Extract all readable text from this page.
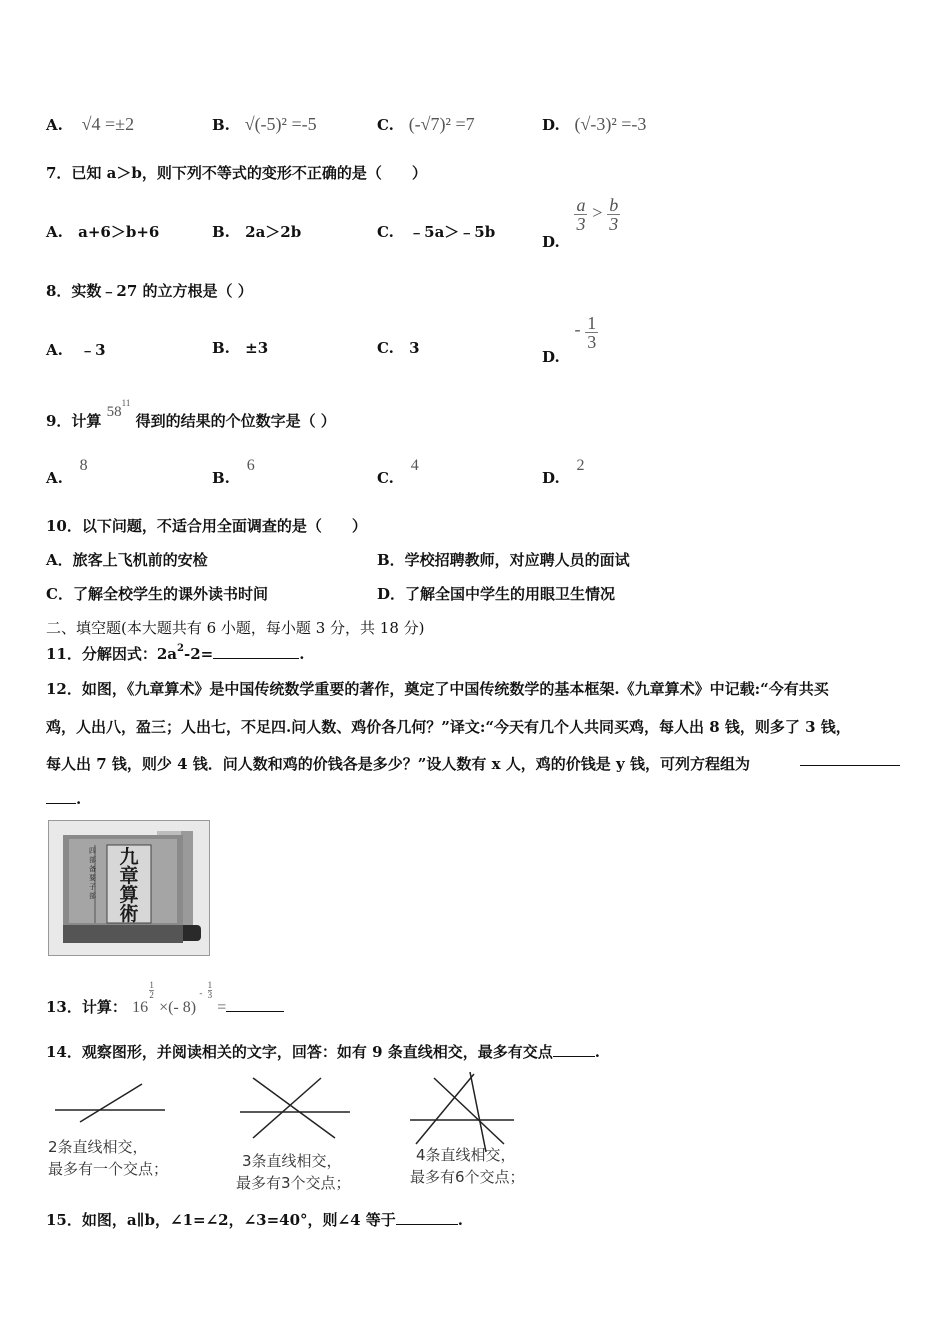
A. √4 =±2	B. √(-5)² =-5	C. (-√7)² =7	D. (√-3)² =-3
7．已知 a＞b，则下列不等式的变形不正确的是（　　）
A. a+6＞b+6	B. 2a＞2b	C. ﹣5a＞﹣5b
D.
$\frac{a}{3} > \frac{b}{3}$
8．实数﹣27 的立方根是（ ）
A. ﹣3	B. ±3	C. 3	D. - $\frac{1}{3}$
9．计算 $58^{11}$ 得到的结果的个位数字是（ ）
A. 8
B. 6
C. 4
D. 2
10．以下问题，不适合用全面调查的是（　　）
A．旅客上飞机前的安检	B．学校招聘教师，对应聘人员的面试
C．了解全校学生的课外读书时间	D．了解全国中学生的用眼卫生情况
二、填空题(本大题共有 6 小题，每小题 3 分，共 18 分)
11．分解因式：$2a^2-2=$	.
12．如图，《九章算术》是中国传统数学重要的著作，奠定了中国传统数学的基本框架.《九章算术》中记载:“今有共买
鸡，人出八，盈三；人出七，不足四.问人数、鸡价各几何？”译文:“今天有几个人共同买鸡，每人出 8 钱，则多了 3 钱，
每人出 7 钱，则少 4 钱．问人数和鸡的价钱各是多少？”设人数有 x 人，鸡的价钱是 y 钱，可列方程组为
.
九章算術
四部备要子部
13．计算： 16
$\frac{1}{2}$
×(- 8) $^- \frac{1}{3}$
=
14．观察图形，并阅读相关的文字，回答：如有 9 条直线相交，最多有交点	.
2条直线相交，
最多有一个交点；	3条直线相交，
最多有3个交点；
4条直线相交，
最多有6个交点；
15．如图，a∥b，∠1=∠2，∠3=40°，则∠4 等于	.
